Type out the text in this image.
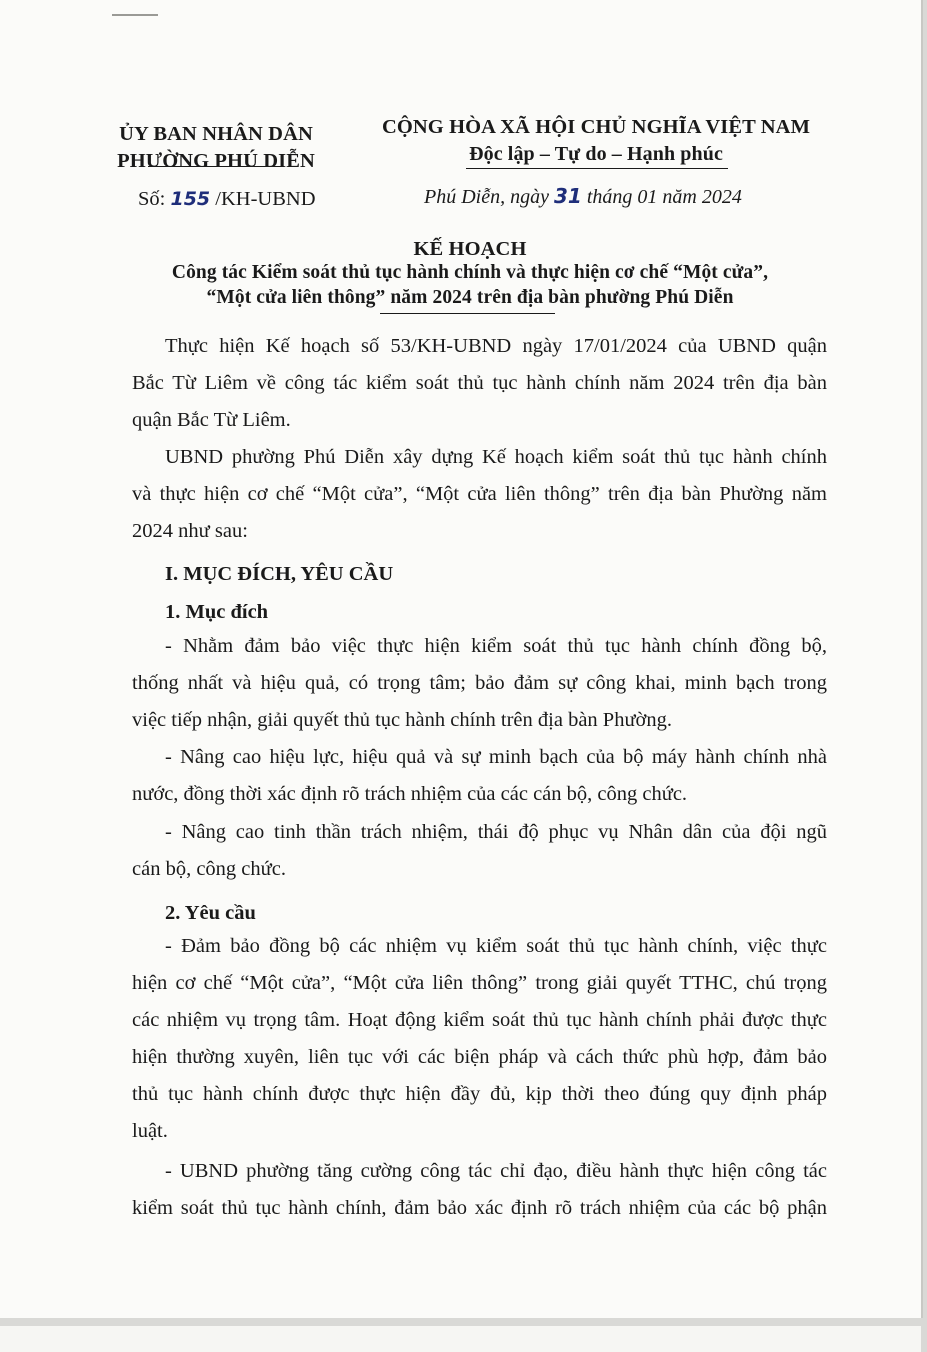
ỦY BAN NHÂN DÂN
PHƯỜNG PHÚ DIỄN
Số: 155 /KH-UBND
CỘNG HÒA XÃ HỘI CHỦ NGHĨA VIỆT NAM
Độc lập – Tự do – Hạnh phúc
Phú Diễn, ngày 31 tháng 01 năm 2024
KẾ HOẠCH
Công tác Kiểm soát thủ tục hành chính và thực hiện cơ chế “Một cửa”,
“Một cửa liên thông” năm 2024 trên địa bàn phường Phú Diễn
Thực hiện Kế hoạch số 53/KH-UBND ngày 17/01/2024 của UBND quận
Bắc Từ Liêm về công tác kiểm soát thủ tục hành chính năm 2024 trên địa bàn
quận Bắc Từ Liêm.
UBND phường Phú Diễn xây dựng Kế hoạch kiểm soát thủ tục hành chính
và thực hiện cơ chế “Một cửa”, “Một cửa liên thông” trên địa bàn Phường năm
2024 như sau:
I. MỤC ĐÍCH, YÊU CẦU
1. Mục đích
- Nhằm đảm bảo việc thực hiện kiểm soát thủ tục hành chính đồng bộ,
thống nhất và hiệu quả, có trọng tâm; bảo đảm sự công khai, minh bạch trong
việc tiếp nhận, giải quyết thủ tục hành chính trên địa bàn Phường.
- Nâng cao hiệu lực, hiệu quả và sự minh bạch của bộ máy hành chính nhà
nước, đồng thời xác định rõ trách nhiệm của các cán bộ, công chức.
- Nâng cao tinh thần trách nhiệm, thái độ phục vụ Nhân dân của đội ngũ
cán bộ, công chức.
2. Yêu cầu
- Đảm bảo đồng bộ các nhiệm vụ kiểm soát thủ tục hành chính, việc thực
hiện cơ chế “Một cửa”, “Một cửa liên thông” trong giải quyết TTHC, chú trọng
các nhiệm vụ trọng tâm. Hoạt động kiểm soát thủ tục hành chính phải được thực
hiện thường xuyên, liên tục với các biện pháp và cách thức phù hợp, đảm bảo
thủ tục hành chính được thực hiện đầy đủ, kịp thời theo đúng quy định pháp
luật.
- UBND phường tăng cường công tác chỉ đạo, điều hành thực hiện công tác
kiểm soát thủ tục hành chính, đảm bảo xác định rõ trách nhiệm của các bộ phận
